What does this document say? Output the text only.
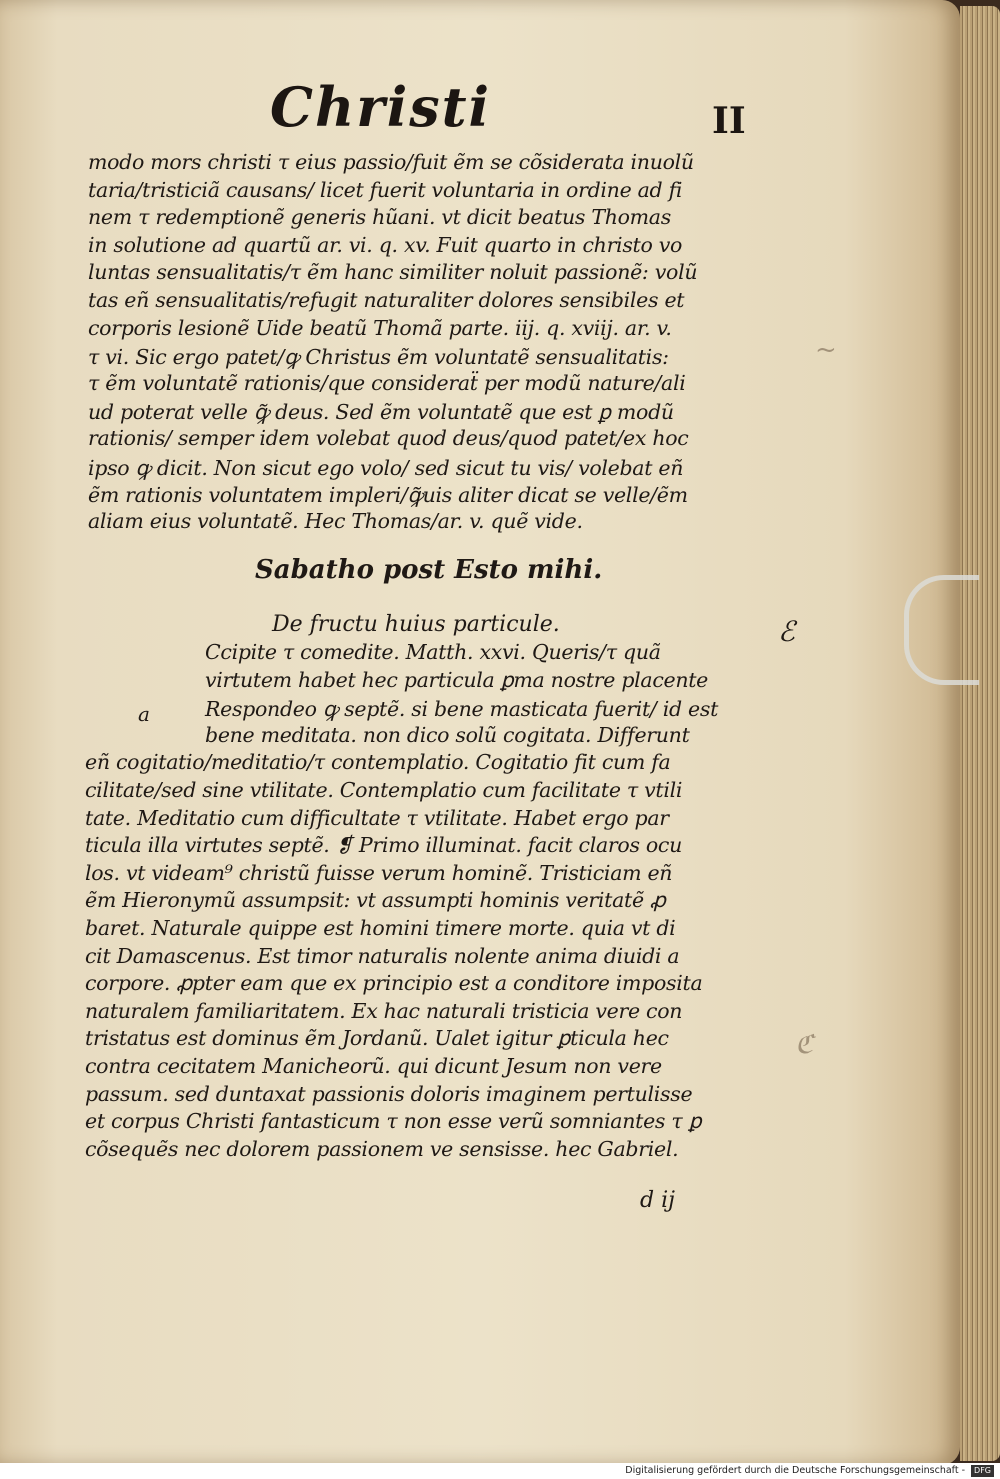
Christi	II
modo mors christi τ eius passio/fuit ẽm se cõsiderata inuolũ
taria/tristiciã causans/ licet fuerit voluntaria in ordine ad fi
nem τ redemptionẽ generis hũani. vt dicit beatus Thomas
in solutione ad quartũ ar. vi. q. xv. Fuit quarto in christo vo
luntas sensualitatis/τ ẽm hanc similiter noluit passionẽ: volũ
tas eñ sensualitatis/refugit naturaliter dolores sensibiles et
corporis lesionẽ Uide beatũ Thomã parte. iij. q. xviij. ar. v.
τ vi. Sic ergo patet/ꝙ Christus ẽm voluntatẽ sensualitatis:
τ ẽm voluntatẽ rationis/que consideraẗ per modũ nature/ali
ud poterat velle ꝙ̃ deus. Sed ẽm voluntatẽ que est ꝑ modũ
rationis/ semper idem volebat quod deus/quod patet/ex hoc
ipso ꝙ dicit. Non sicut ego volo/ sed sicut tu vis/ volebat eñ
ẽm rationis voluntatem impleri/ꝙ̃uis aliter dicat se velle/ẽm
aliam eius voluntatẽ. Hec Thomas/ar. v. quẽ vide.
Sabatho post Esto mihi.
De fructu huius particule.
Ccipite τ comedite. Matth. xxvi. Queris/τ quã
virtutem habet hec particula ꝑma nostre placente
Respondeo ꝙ septẽ. si bene masticata fuerit/ id est
bene meditata. non dico solũ cogitata. Differunt
eñ cogitatio/meditatio/τ contemplatio. Cogitatio fit cum fa
cilitate/sed sine vtilitate. Contemplatio cum facilitate τ vtili
tate. Meditatio cum difficultate τ vtilitate. Habet ergo par
ticula illa virtutes septẽ. ❡ Primo illuminat. facit claros ocu
los. vt videam⁹ christũ fuisse verum hominẽ. Tristiciam eñ
ẽm Hieronymũ assumpsit: vt assumpti hominis veritatẽ ꝓ
baret. Naturale quippe est homini timere morte. quia vt di
cit Damascenus. Est timor naturalis nolente anima diuidi a
corpore. ꝓpter eam que ex principio est a conditore imposita
naturalem familiaritatem. Ex hac naturali tristicia vere con
tristatus est dominus ẽm Jordanũ. Ualet igitur ꝑticula hec
contra cecitatem Manicheorũ. qui dicunt Jesum non vere
passum. sed duntaxat passionis doloris imaginem pertulisse
et corpus Christi fantasticum τ non esse verũ somniantes τ ꝑ
cõsequẽs nec dolorem passionem ve sensisse. hec Gabriel.
a
~
ℭ
ℰ
d ij
Digitalisierung gefördert durch die Deutsche Forschungsgemeinschaft - DFG
